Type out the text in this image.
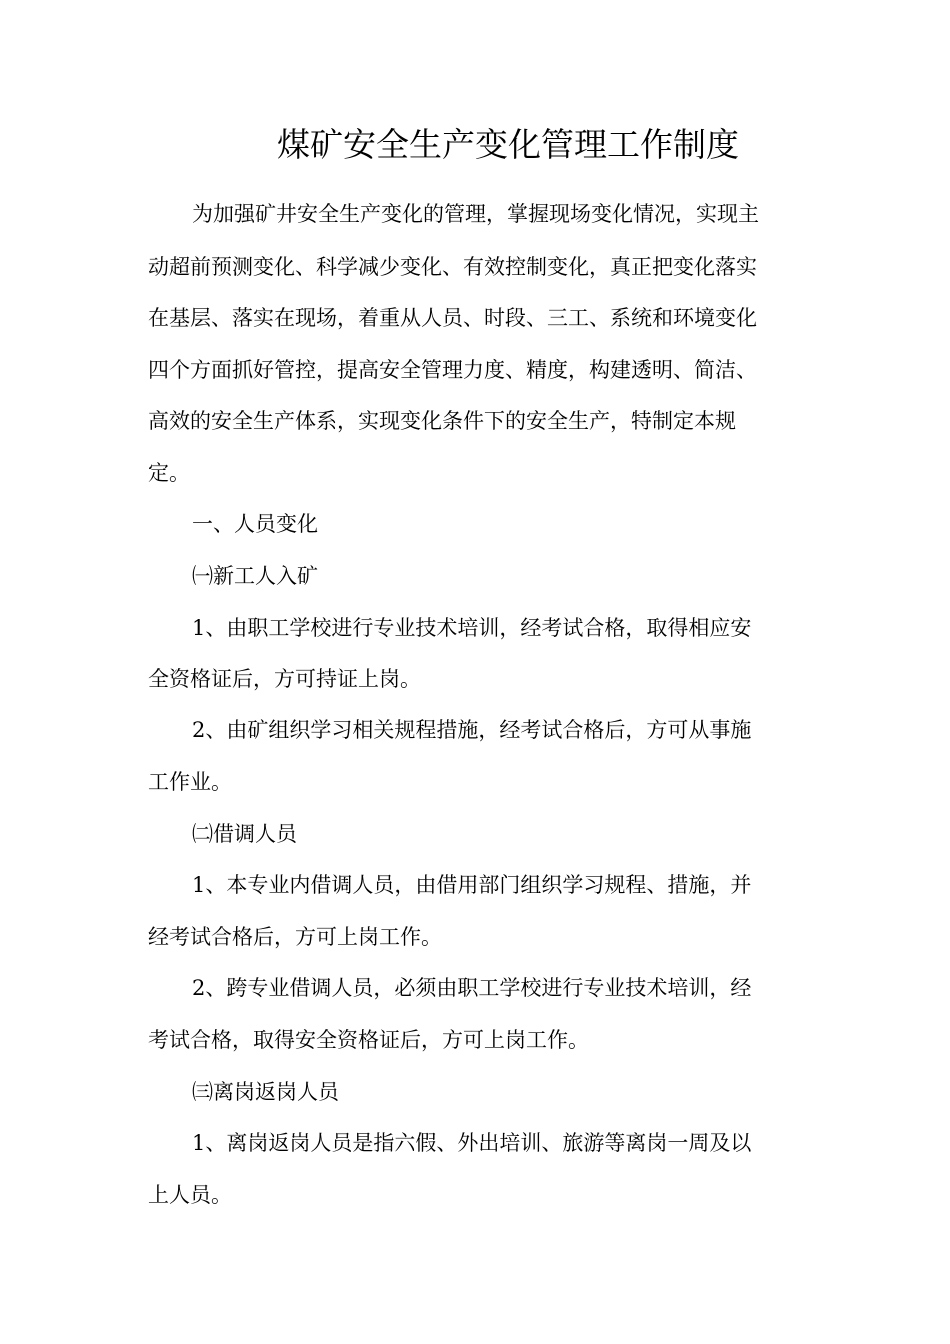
煤矿安全生产变化管理工作制度
为加强矿井安全生产变化的管理，掌握现场变化情况，实现主
动超前预测变化、科学减少变化、有效控制变化，真正把变化落实
在基层、落实在现场，着重从人员、时段、三工、系统和环境变化
四个方面抓好管控，提高安全管理力度、精度，构建透明、简洁、
高效的安全生产体系，实现变化条件下的安全生产，特制定本规
定。
一、人员变化
㈠新工人入矿
1、由职工学校进行专业技术培训，经考试合格，取得相应安
全资格证后，方可持证上岗。
2、由矿组织学习相关规程措施，经考试合格后，方可从事施
工作业。
㈡借调人员
1、本专业内借调人员，由借用部门组织学习规程、措施，并
经考试合格后，方可上岗工作。
2、跨专业借调人员，必须由职工学校进行专业技术培训，经
考试合格，取得安全资格证后，方可上岗工作。
㈢离岗返岗人员
1、离岗返岗人员是指六假、外出培训、旅游等离岗一周及以
上人员。
